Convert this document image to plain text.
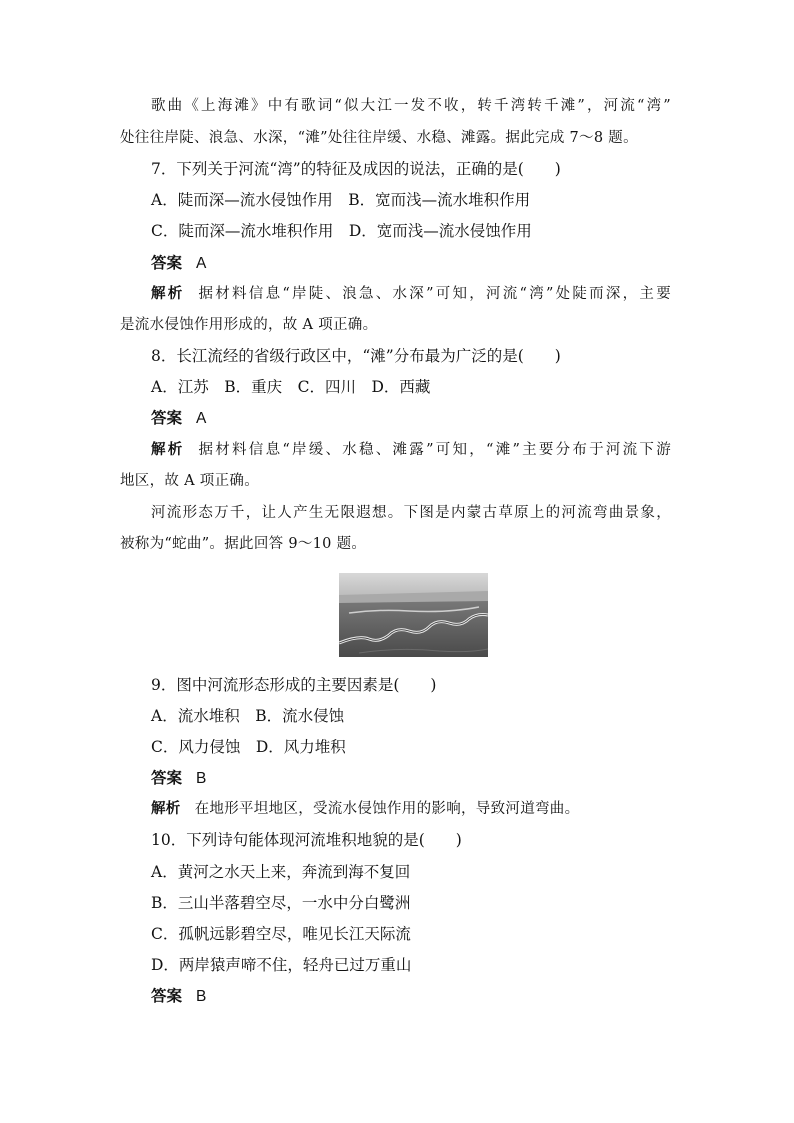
歌曲《上海滩》中有歌词“似大江一发不收，转千湾转千滩”，河流“湾”
处往往岸陡、浪急、水深，“滩”处往往岸缓、水稳、滩露。据此完成 7～8 题。
7．下列关于河流“湾”的特征及成因的说法，正确的是(　　)
A．陡而深—流水侵蚀作用　B．宽而浅—流水堆积作用
C．陡而深—流水堆积作用　D．宽而浅—流水侵蚀作用
答案 A
解析 据材料信息“岸陡、浪急、水深”可知，河流“湾”处陡而深，主要
是流水侵蚀作用形成的，故 A 项正确。
8．长江流经的省级行政区中，“滩”分布最为广泛的是(　　)
A．江苏　B．重庆　C．四川　D．西藏
答案 A
解析 据材料信息“岸缓、水稳、滩露”可知，“滩”主要分布于河流下游
地区，故 A 项正确。
河流形态万千，让人产生无限遐想。下图是内蒙古草原上的河流弯曲景象，
被称为“蛇曲”。据此回答 9～10 题。
9．图中河流形态形成的主要因素是(　　)
A．流水堆积　B．流水侵蚀
C．风力侵蚀　D．风力堆积
答案 B
解析 在地形平坦地区，受流水侵蚀作用的影响，导致河道弯曲。
10．下列诗句能体现河流堆积地貌的是(　　)
A．黄河之水天上来，奔流到海不复回
B．三山半落碧空尽，一水中分白鹭洲
C．孤帆远影碧空尽，唯见长江天际流
D．两岸猿声啼不住，轻舟已过万重山
答案 B
